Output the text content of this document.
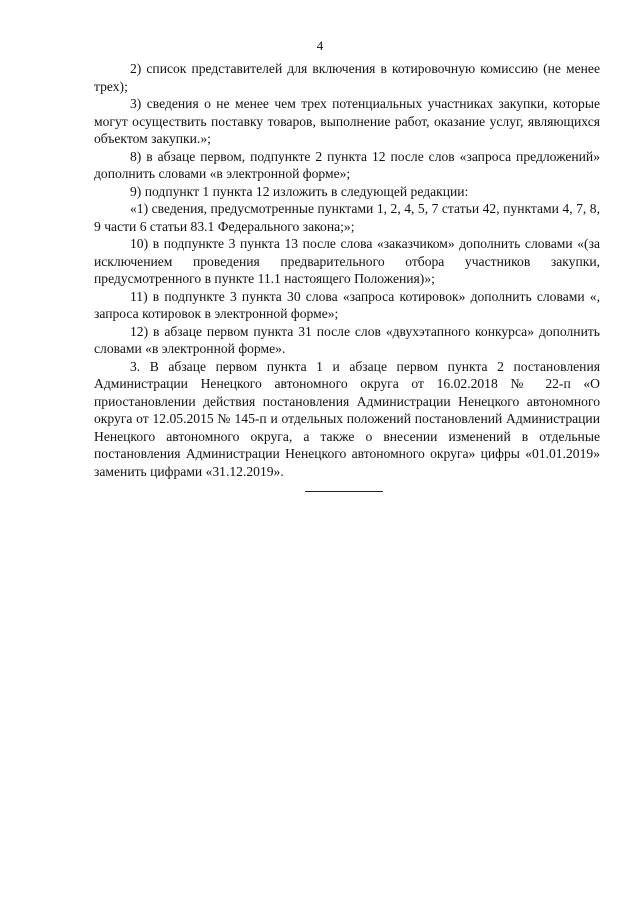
4

2) список представителей для включения в котировочную комиссию (не менее трех);

3) сведения о не менее чем трех потенциальных участниках закупки, которые могут осуществить поставку товаров, выполнение работ, оказание услуг, являющихся объектом закупки.»;

8) в абзаце первом, подпункте 2 пункта 12 после слов «запроса предложений» дополнить словами «в электронной форме»;

9) подпункт 1 пункта 12 изложить в следующей редакции:

«1) сведения, предусмотренные пунктами 1, 2, 4, 5, 7 статьи 42, пунктами 4, 7, 8, 9 части 6 статьи 83.1 Федерального закона;»;

10) в подпункте 3 пункта 13 после слова «заказчиком» дополнить словами «(за исключением проведения предварительного отбора участников закупки, предусмотренного в пункте 11.1 настоящего Положения)»;

11) в подпункте 3 пункта 30 слова «запроса котировок» дополнить словами «, запроса котировок в электронной форме»;

12) в абзаце первом пункта 31 после слов «двухэтапного конкурса» дополнить словами «в электронной форме».

3. В абзаце первом пункта 1 и абзаце первом пункта 2 постановления Администрации Ненецкого автономного округа от 16.02.2018 № 22-п «О приостановлении действия постановления Администрации Ненецкого автономного округа от 12.05.2015 № 145-п и отдельных положений постановлений Администрации Ненецкого автономного округа, а также о внесении изменений в отдельные постановления Администрации Ненецкого автономного округа» цифры «01.01.2019» заменить цифрами «31.12.2019».
